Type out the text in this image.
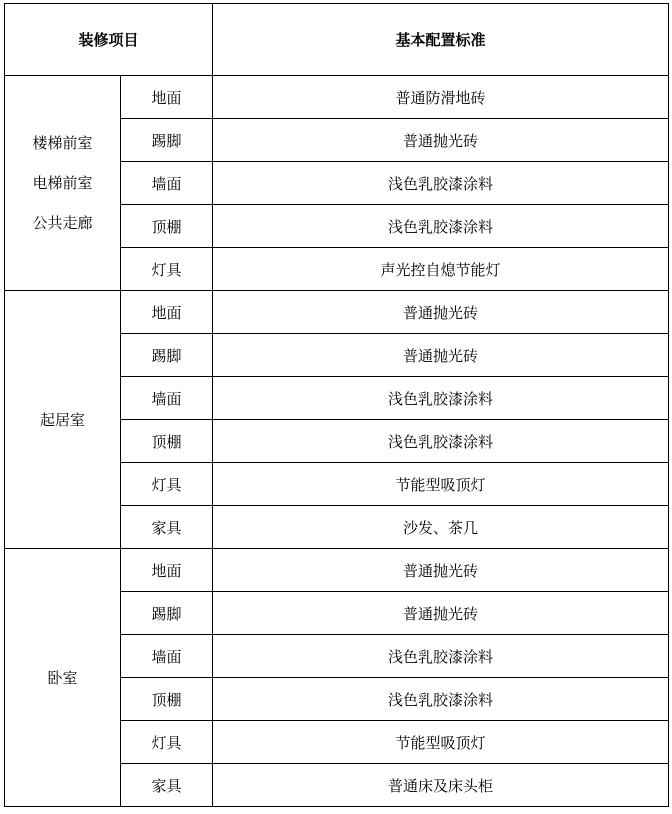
装修项目		基本配置标准

楼梯前室
电梯前室
公共走廊	地面	普通防滑地砖
	踢脚	普通抛光砖
	墙面	浅色乳胶漆涂料
	顶棚	浅色乳胶漆涂料
	灯具	声光控自熄节能灯
起居室	地面	普通抛光砖
	踢脚	普通抛光砖
	墙面	浅色乳胶漆涂料
	顶棚	浅色乳胶漆涂料
	灯具	节能型吸顶灯
	家具	沙发、茶几
卧室	地面	普通抛光砖
	踢脚	普通抛光砖
	墙面	浅色乳胶漆涂料
	顶棚	浅色乳胶漆涂料
	灯具	节能型吸顶灯
	家具	普通床及床头柜
